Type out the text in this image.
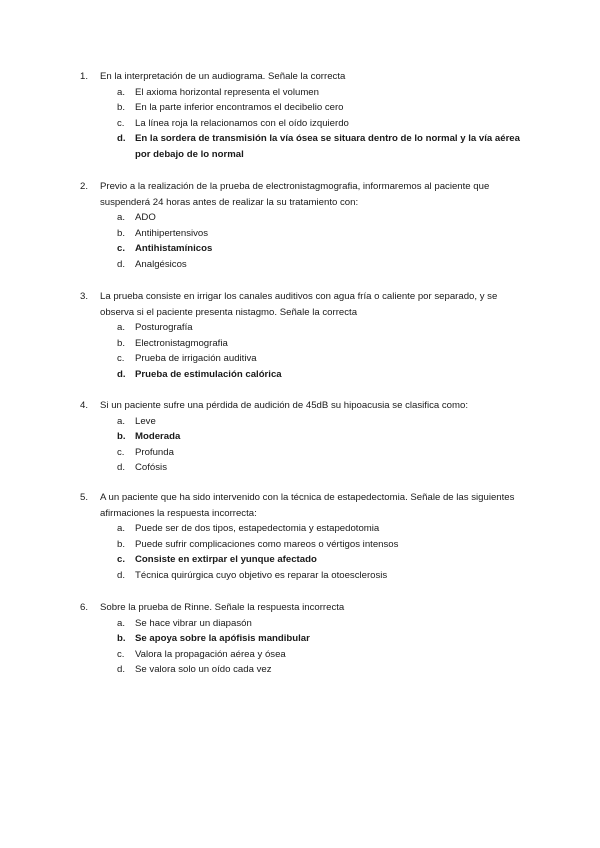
1. En la interpretación de un audiograma. Señale la correcta
a. El axioma horizontal representa el volumen
b. En la parte inferior encontramos el decibelio cero
c. La línea roja la relacionamos con el oído izquierdo
d. En la sordera de transmisión la vía ósea se situara dentro de lo normal y la vía aérea por debajo de lo normal
2. Previo a la realización de la prueba de electronistagmografia, informaremos al paciente que suspenderá 24 horas antes de realizar la su tratamiento con:
a. ADO
b. Antihipertensivos
c. Antihistamínicos
d. Analgésicos
3. La prueba consiste en irrigar los canales auditivos con agua fría o caliente por separado, y se observa si el paciente presenta nistagmo. Señale la correcta
a. Posturografía
b. Electronistagmografia
c. Prueba de irrigación auditiva
d. Prueba de estimulación calórica
4. Si un paciente sufre una pérdida de audición de 45dB su hipoacusia se clasifica como:
a. Leve
b. Moderada
c. Profunda
d. Cofósis
5. A un paciente que ha sido intervenido con la técnica de estapedectomia. Señale de las siguientes afirmaciones la respuesta incorrecta:
a. Puede ser de dos tipos, estapedectomia y estapedotomia
b. Puede sufrir complicaciones como mareos o vértigos intensos
c. Consiste en extirpar el yunque afectado
d. Técnica quirúrgica cuyo objetivo es reparar la otoesclerosis
6. Sobre la prueba de Rinne. Señale la respuesta incorrecta
a. Se hace vibrar un diapasón
b. Se apoya sobre la apófisis mandibular
c. Valora la propagación aérea y ósea
d. Se valora solo un oído cada vez
